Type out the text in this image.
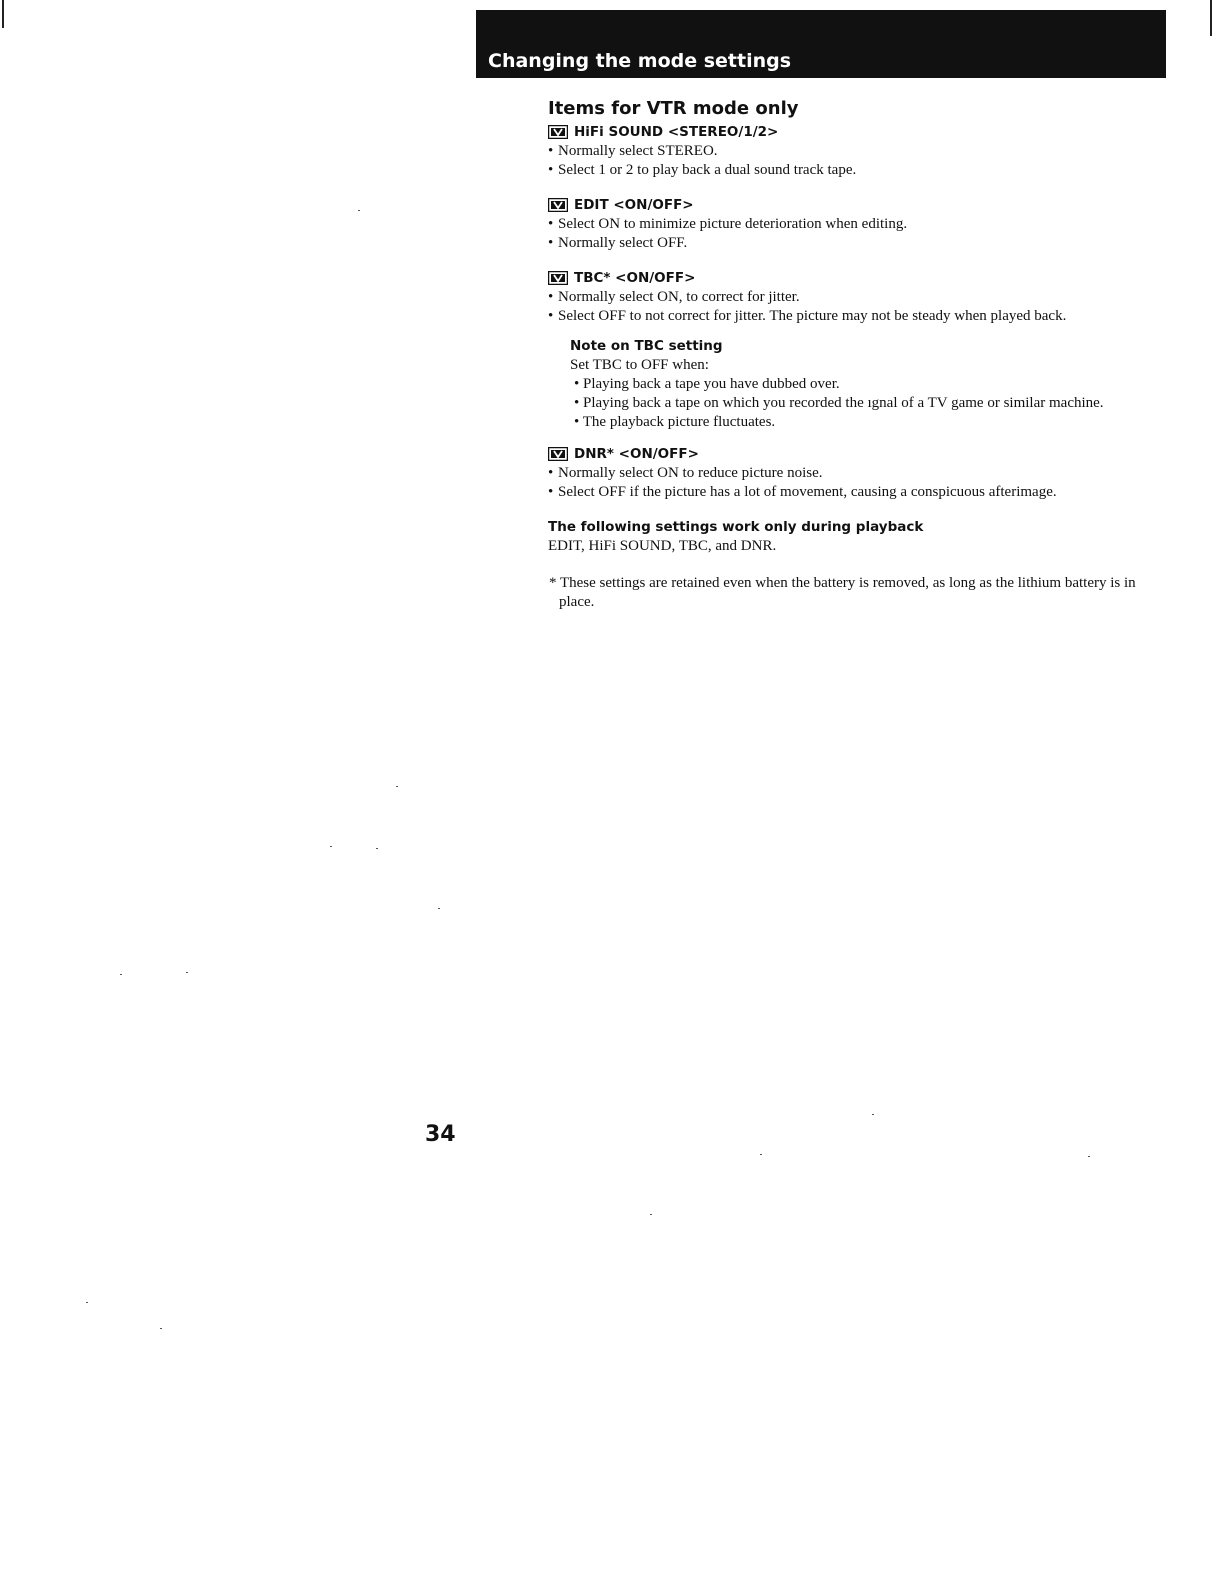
Changing the mode settings
Items for VTR mode only
HiFi SOUND <STEREO/1/2>
• Normally select STEREO.
• Select 1 or 2 to play back a dual sound track tape.
EDIT <ON/OFF>
• Select ON to minimize picture deterioration when editing.
• Normally select OFF.
TBC* <ON/OFF>
• Normally select ON, to correct for jitter.
• Select OFF to not correct for jitter. The picture may not be steady when played back.
Note on TBC setting
Set TBC to OFF when:
• Playing back a tape you have dubbed over.
• Playing back a tape on which you recorded the ıgnal of a TV game or similar machine.
• The playback picture fluctuates.
DNR* <ON/OFF>
• Normally select ON to reduce picture noise.
• Select OFF if the picture has a lot of movement, causing a conspicuous afterimage.
The following settings work only during playback
EDIT, HiFi SOUND, TBC, and DNR.
* These settings are retained even when the battery is removed, as long as the lithium battery is in place.
34
